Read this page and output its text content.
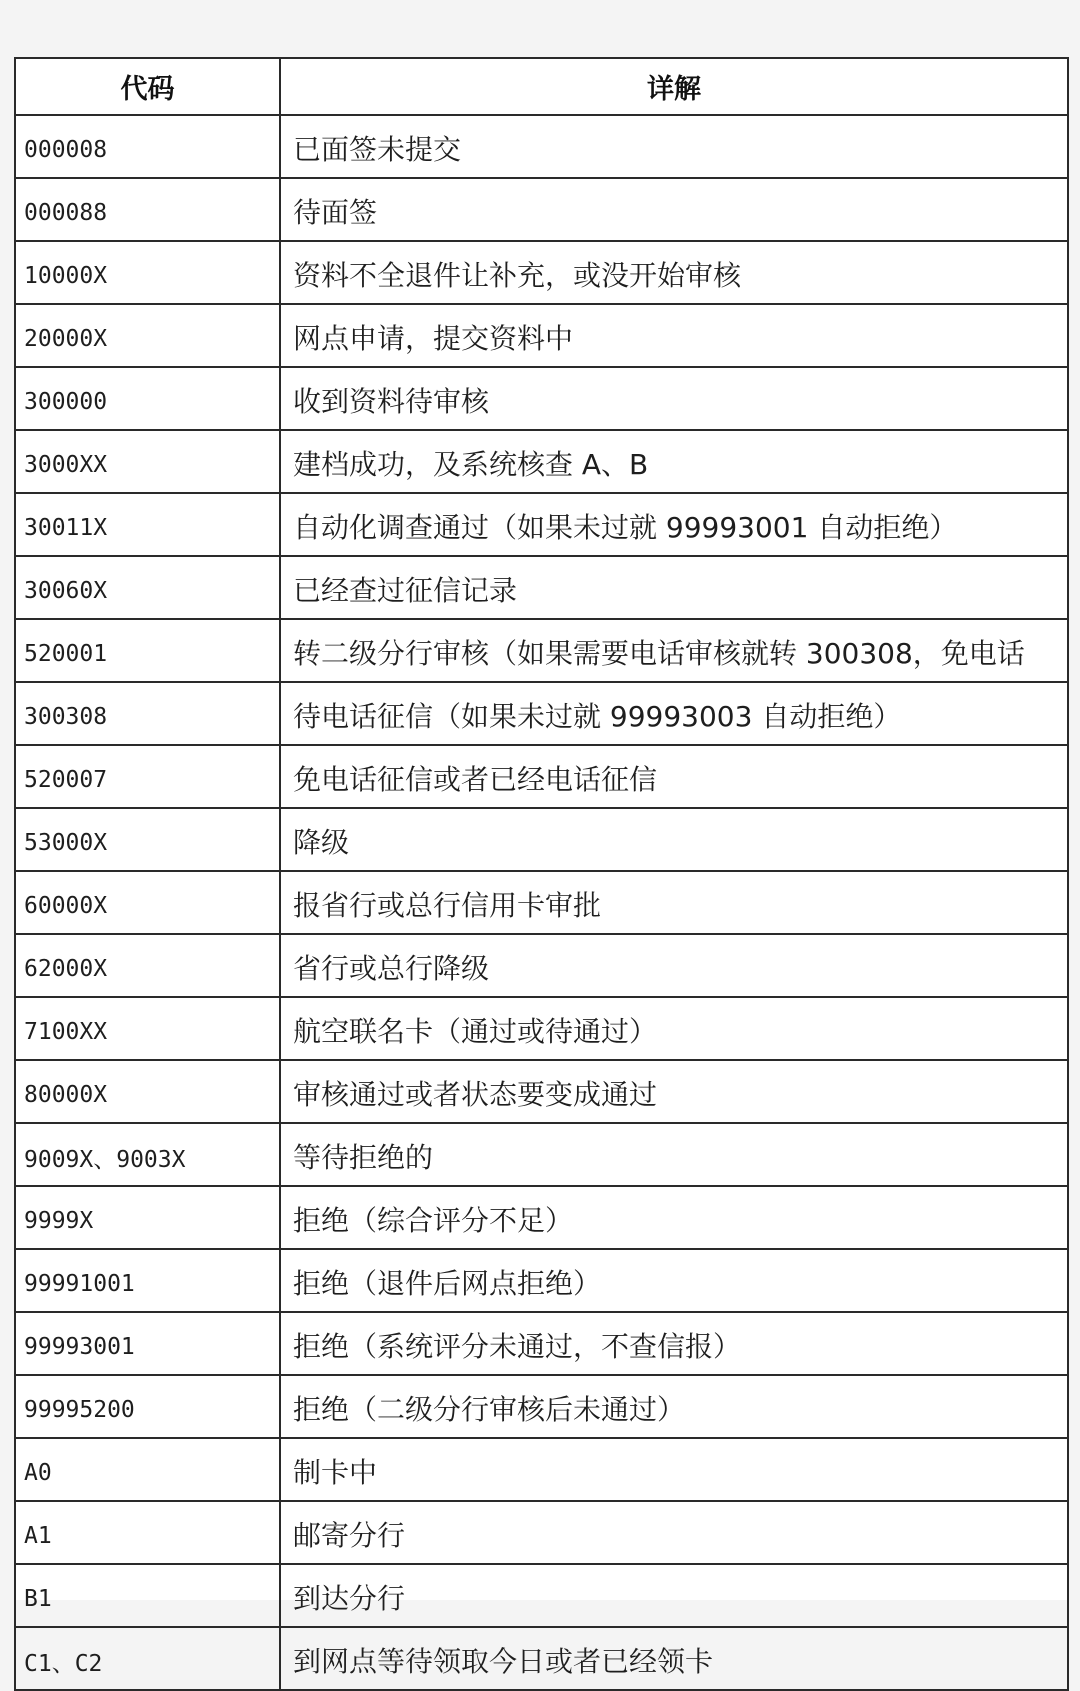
代码	详解
000008	已面签未提交
000088	待面签
10000X	资料不全退件让补充，或没开始审核
20000X	网点申请，提交资料中
300000	收到资料待审核
3000XX	建档成功，及系统核查 A、B
30011X	自动化调查通过（如果未过就 99993001 自动拒绝）
30060X	已经查过征信记录
520001	转二级分行审核（如果需要电话审核就转 300308，免电话
300308	待电话征信（如果未过就 99993003 自动拒绝）
520007	免电话征信或者已经电话征信
53000X	降级
60000X	报省行或总行信用卡审批
62000X	省行或总行降级
7100XX	航空联名卡（通过或待通过）
80000X	审核通过或者状态要变成通过
9009X、9003X	等待拒绝的
9999X	拒绝（综合评分不足）
99991001	拒绝（退件后网点拒绝）
99993001	拒绝（系统评分未通过，不查信报）
99995200	拒绝（二级分行审核后未通过）
A0	制卡中
A1	邮寄分行
B1	到达分行
C1、C2	到网点等待领取今日或者已经领卡
